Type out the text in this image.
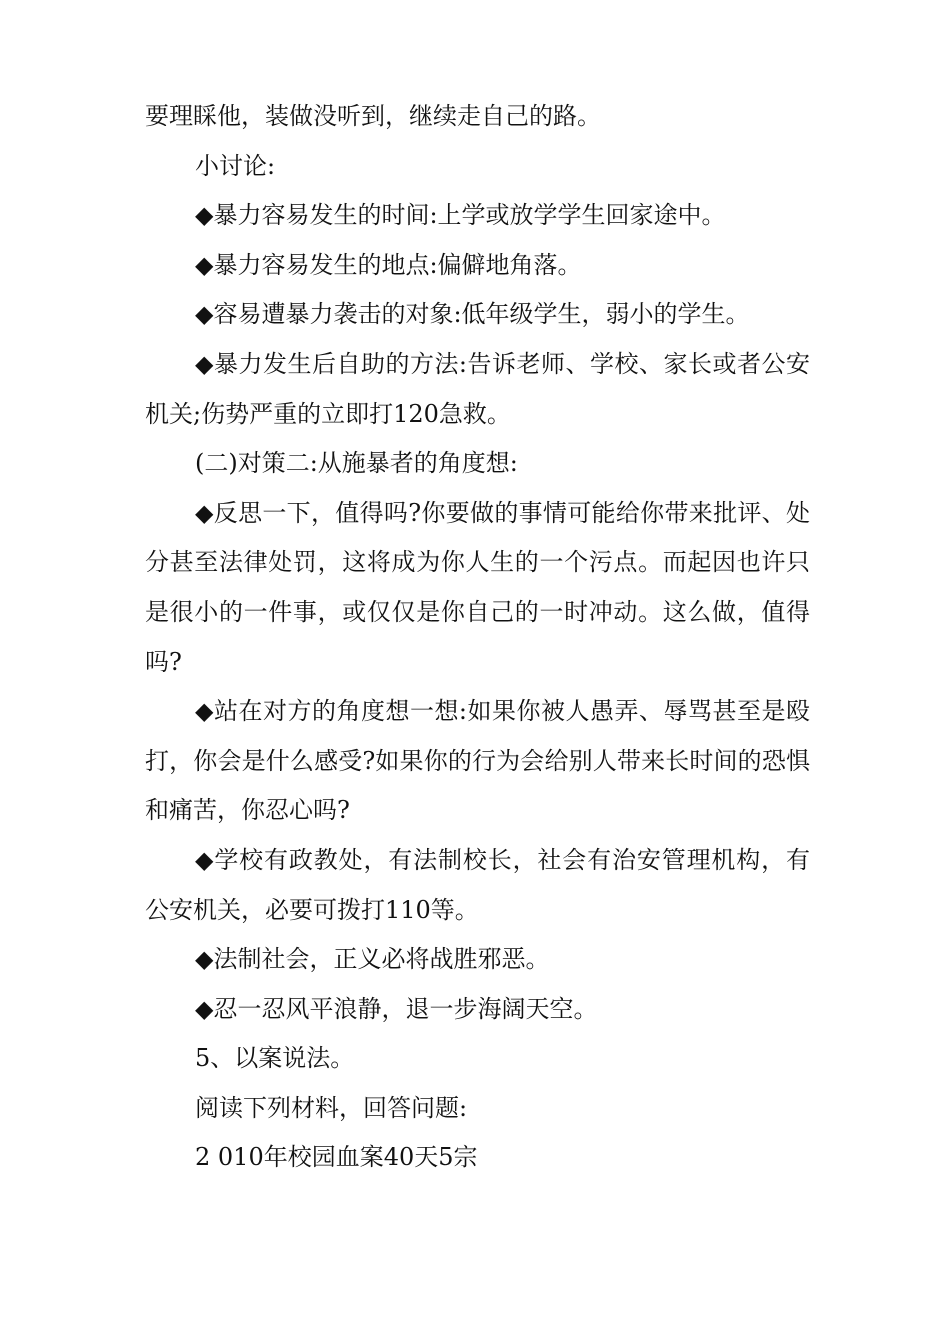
要理睬他，装做没听到，继续走自己的路。

小讨论:

◆暴力容易发生的时间:上学或放学学生回家途中。

◆暴力容易发生的地点:偏僻地角落。

◆容易遭暴力袭击的对象:低年级学生，弱小的学生。

◆暴力发生后自助的方法:告诉老师、学校、家长或者公安机关;伤势严重的立即打120急救。

(二)对策二:从施暴者的角度想:

◆反思一下，值得吗?你要做的事情可能给你带来批评、处分甚至法律处罚，这将成为你人生的一个污点。而起因也许只是很小的一件事，或仅仅是你自己的一时冲动。这么做，值得吗?

◆站在对方的角度想一想:如果你被人愚弄、辱骂甚至是殴打，你会是什么感受?如果你的行为会给别人带来长时间的恐惧和痛苦，你忍心吗?

◆学校有政教处，有法制校长，社会有治安管理机构，有公安机关，必要可拨打110等。

◆法制社会，正义必将战胜邪恶。

◆忍一忍风平浪静，退一步海阔天空。

5、以案说法。

阅读下列材料，回答问题:

2 010年校园血案40天5宗
